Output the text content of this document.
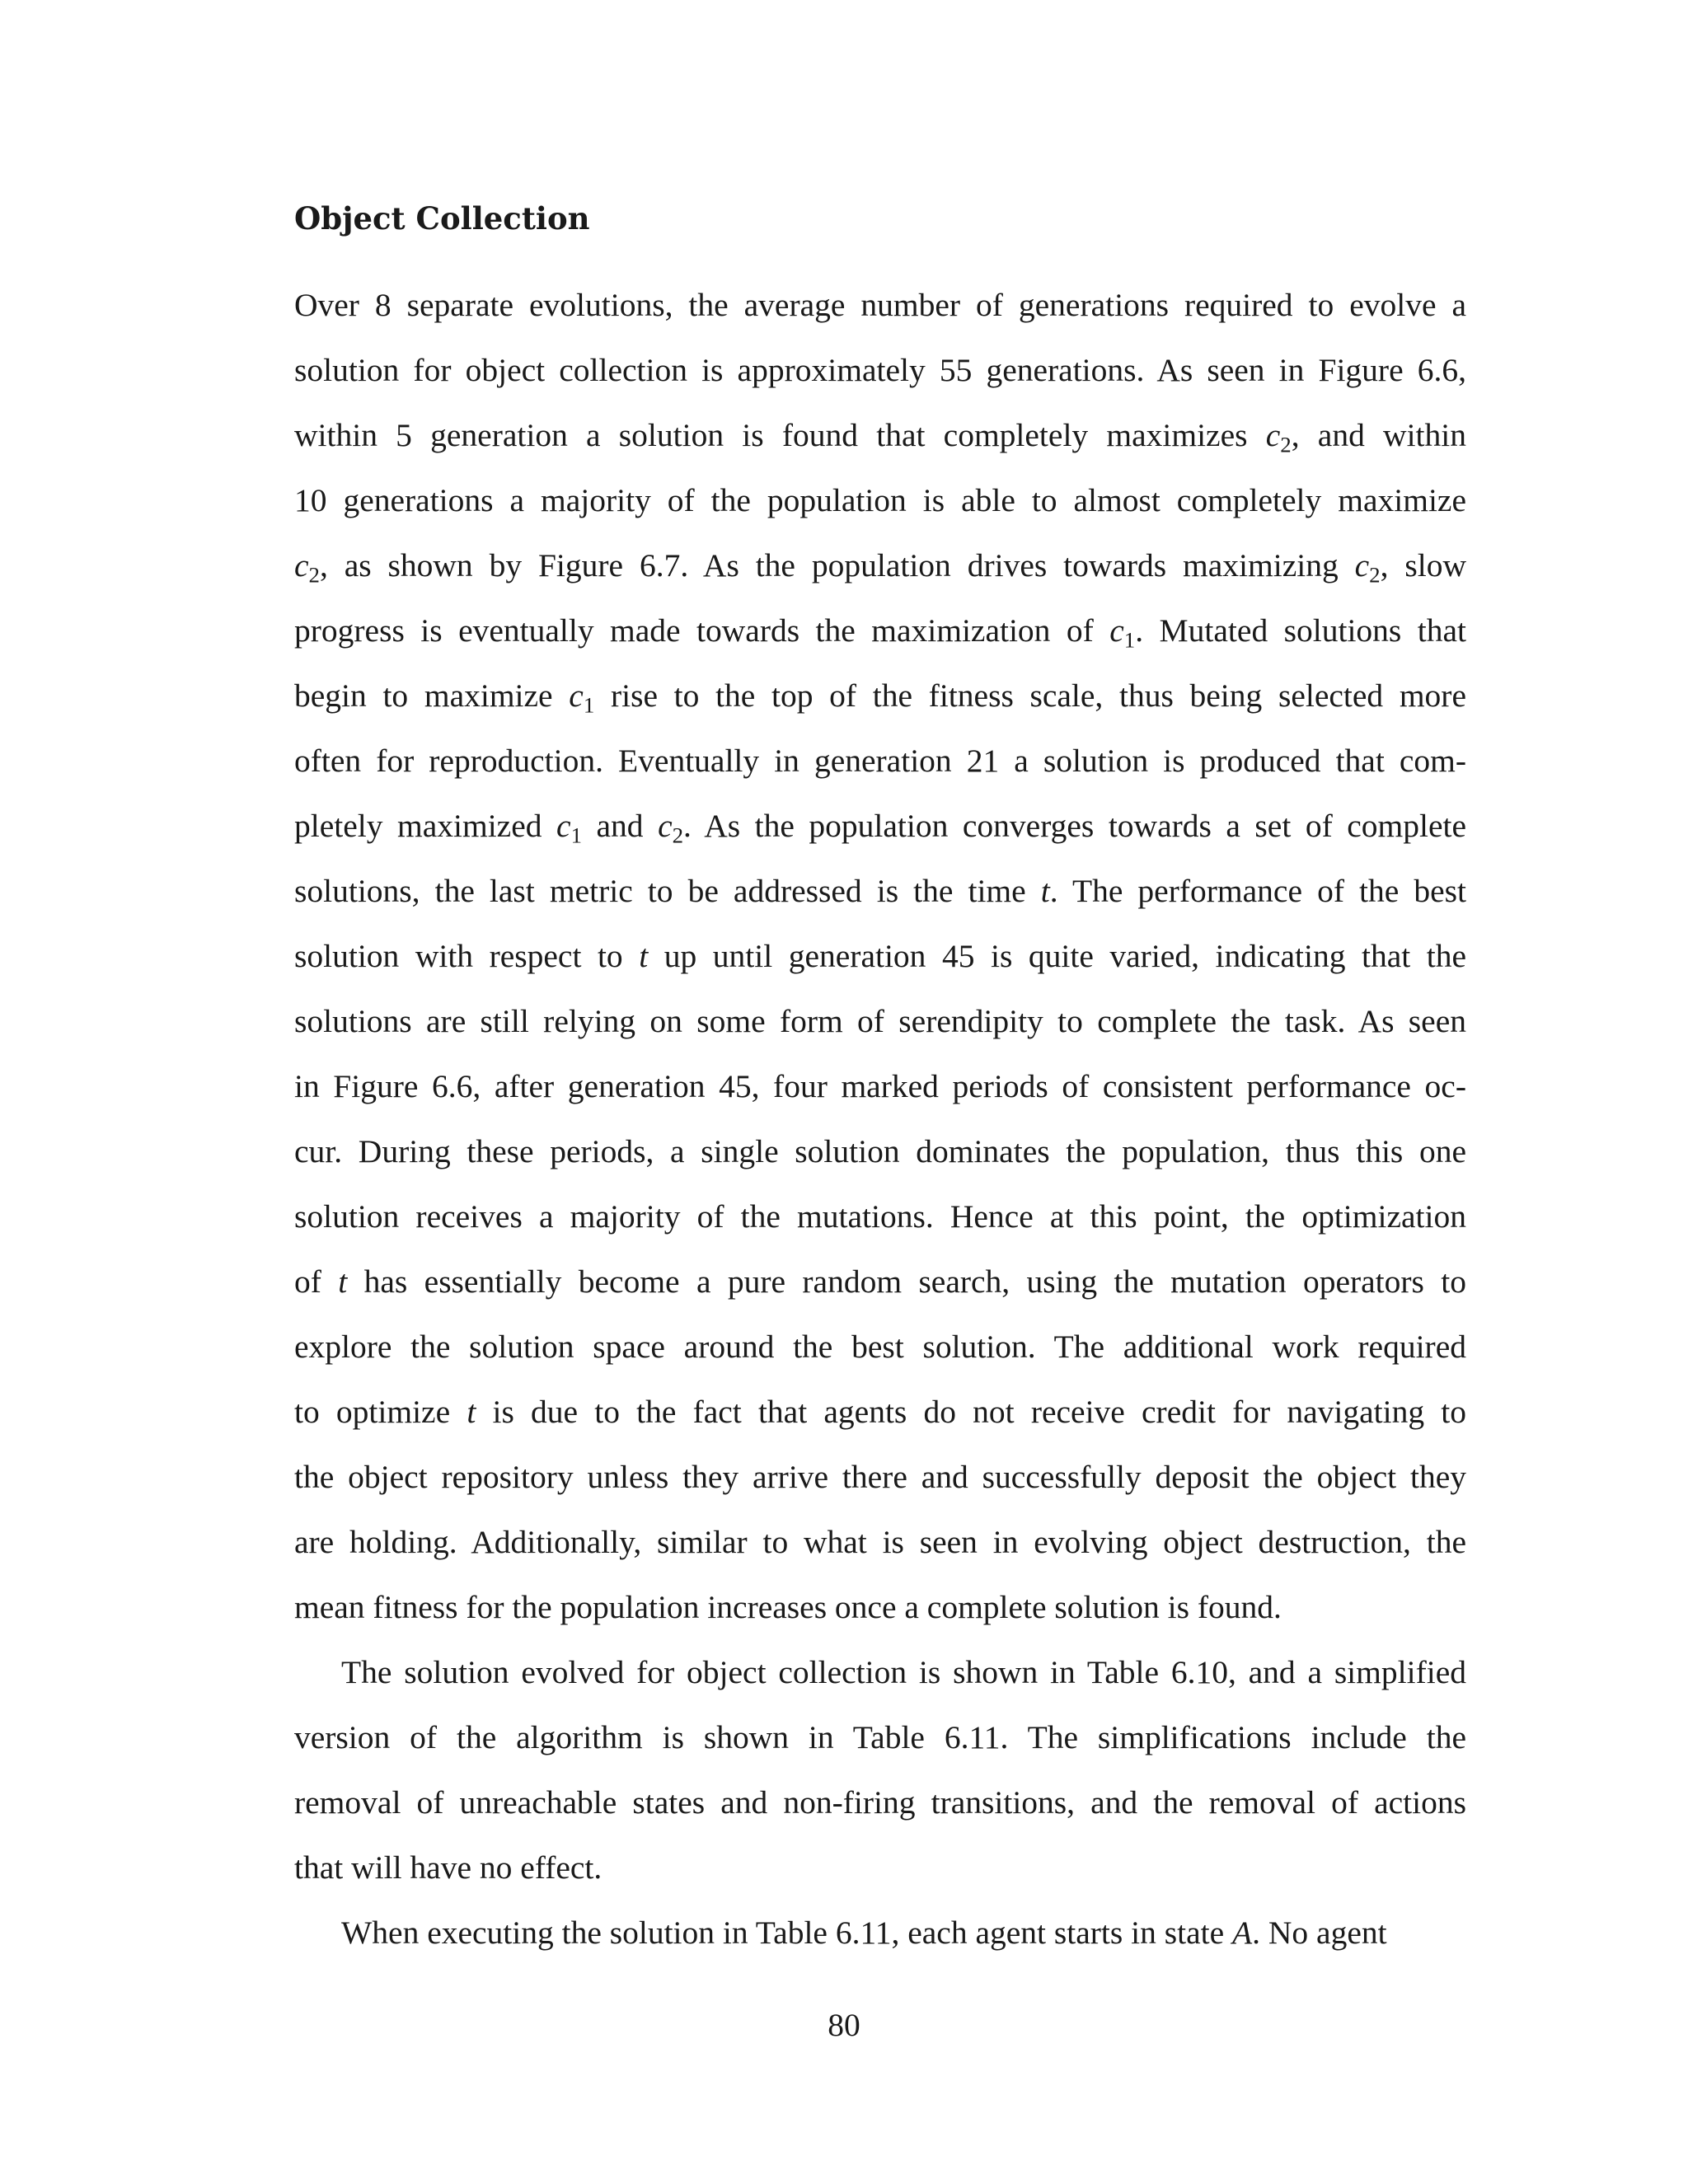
Object Collection
Over 8 separate evolutions, the average number of generations required to evolve a
solution for object collection is approximately 55 generations. As seen in Figure 6.6,
within 5 generation a solution is found that completely maximizes $c_2$, and within
10 generations a majority of the population is able to almost completely maximize
$c_2$, as shown by Figure 6.7. As the population drives towards maximizing $c_2$, slow
progress is eventually made towards the maximization of $c_1$. Mutated solutions that
begin to maximize $c_1$ rise to the top of the fitness scale, thus being selected more
often for reproduction. Eventually in generation 21 a solution is produced that com-
pletely maximized $c_1$ and $c_2$. As the population converges towards a set of complete
solutions, the last metric to be addressed is the time t. The performance of the best
solution with respect to t up until generation 45 is quite varied, indicating that the
solutions are still relying on some form of serendipity to complete the task. As seen
in Figure 6.6, after generation 45, four marked periods of consistent performance oc-
cur. During these periods, a single solution dominates the population, thus this one
solution receives a majority of the mutations. Hence at this point, the optimization
of t has essentially become a pure random search, using the mutation operators to
explore the solution space around the best solution. The additional work required
to optimize t is due to the fact that agents do not receive credit for navigating to
the object repository unless they arrive there and successfully deposit the object they
are holding. Additionally, similar to what is seen in evolving object destruction, the
mean fitness for the population increases once a complete solution is found.
The solution evolved for object collection is shown in Table 6.10, and a simplified
version of the algorithm is shown in Table 6.11. The simplifications include the
removal of unreachable states and non-firing transitions, and the removal of actions
that will have no effect.
When executing the solution in Table 6.11, each agent starts in state A. No agent
80
